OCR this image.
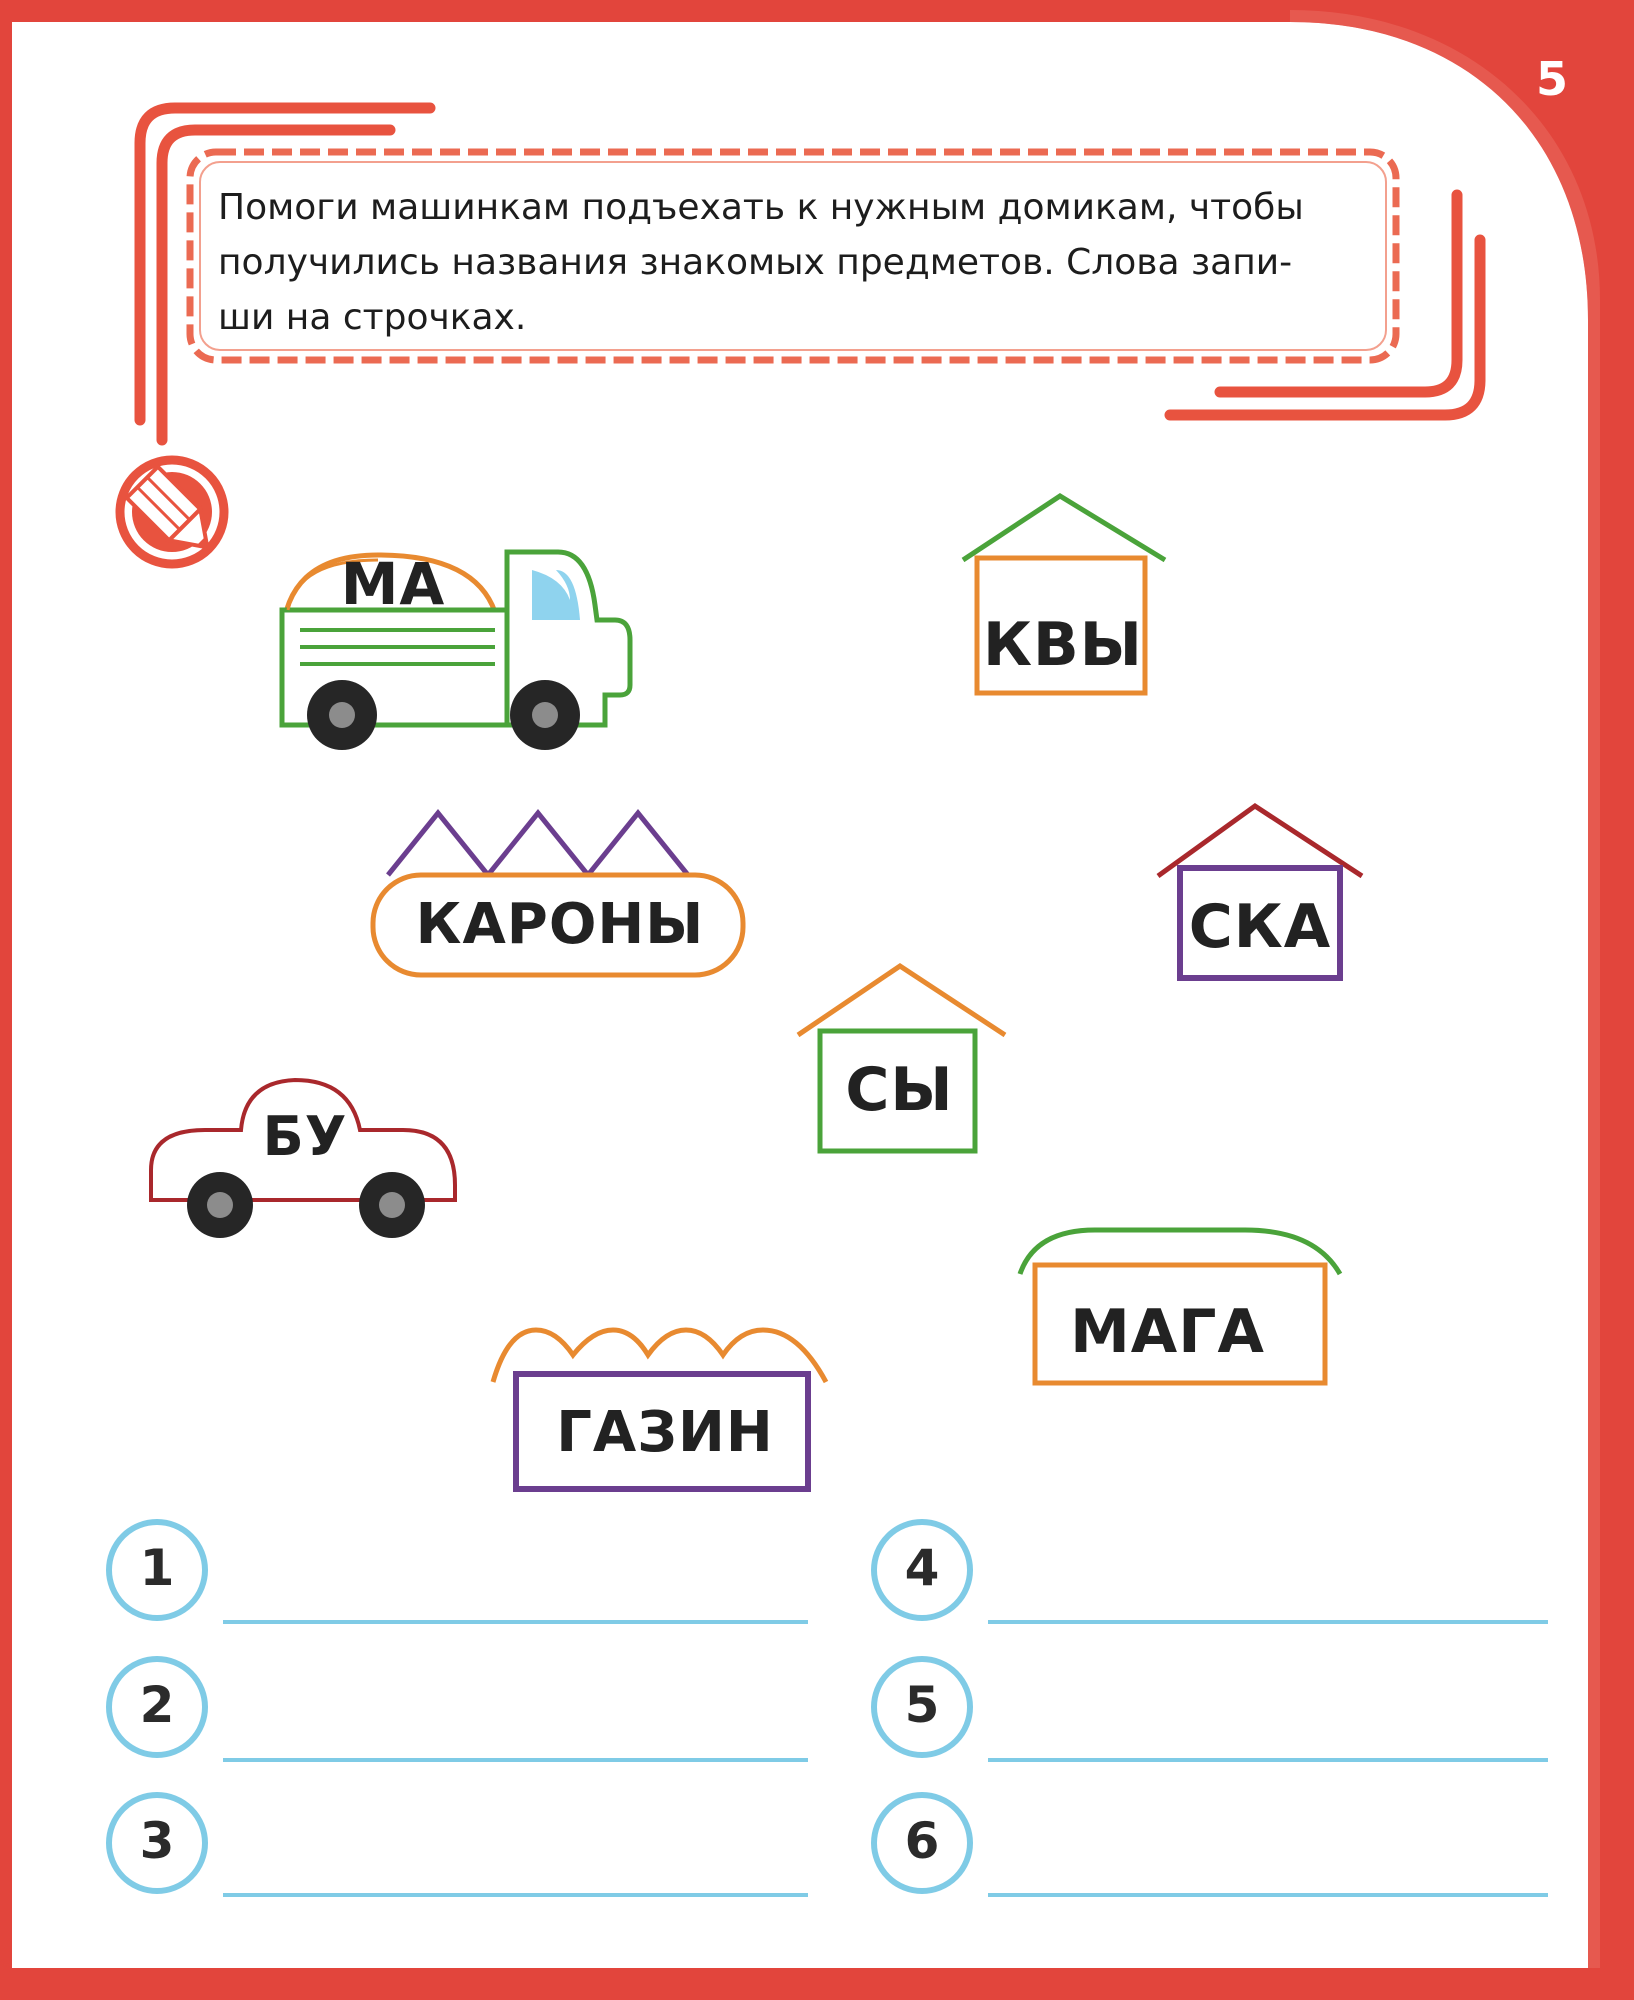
5
Помоги машинкам подъехать к нужным домикам, чтобы
получились названия знакомых предметов. Слова запи-
ши на строчках.
МА
КАРОНЫ
БУ
ГАЗИН
КВЫ
СКА
СЫ
МАГА
1
2
3
4
5
6
